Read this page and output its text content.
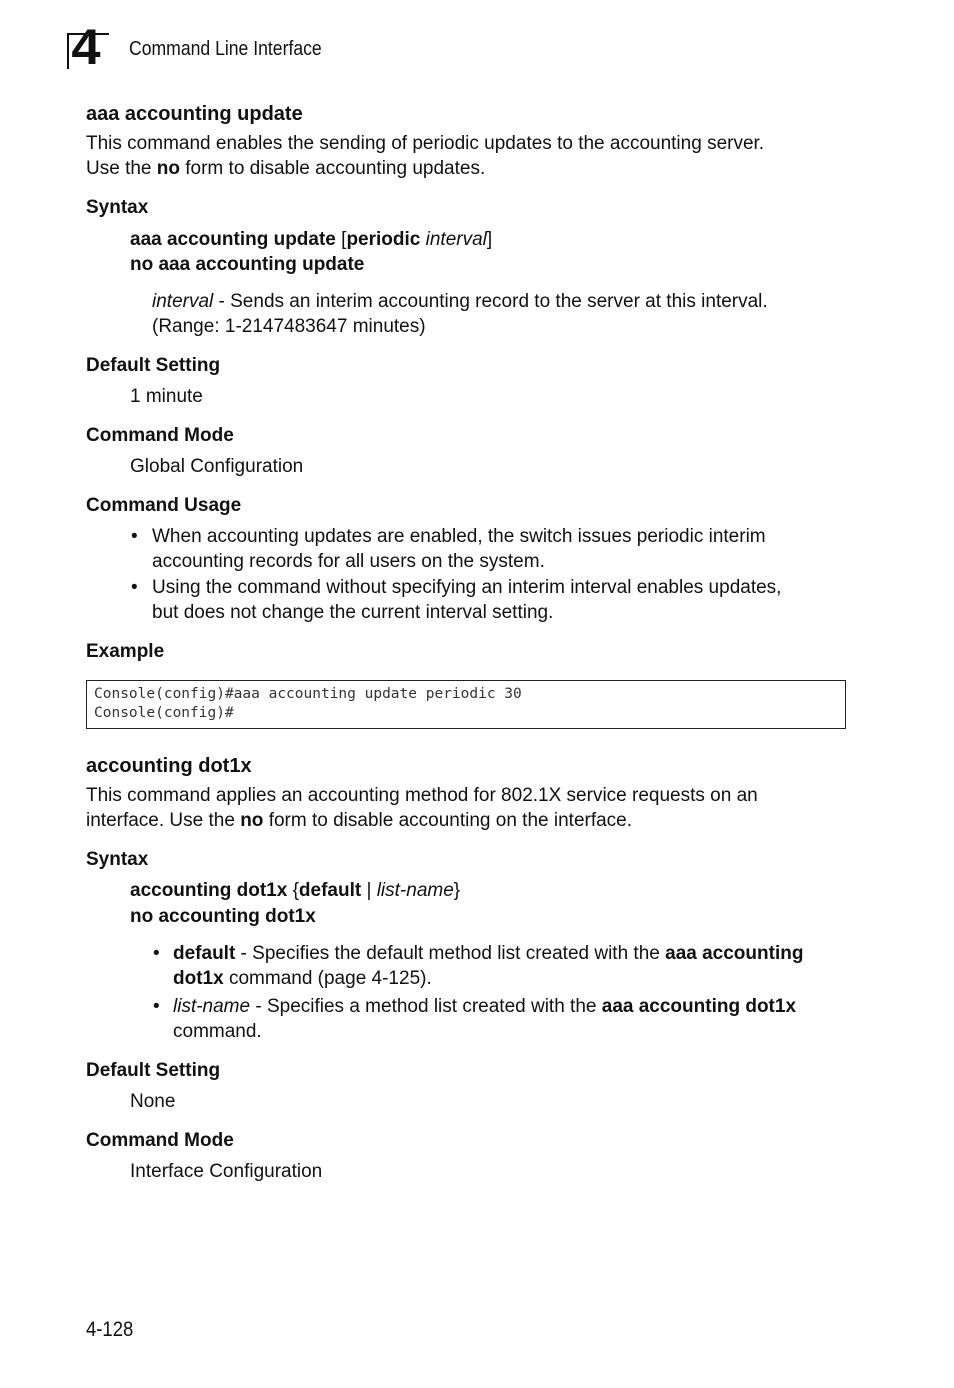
4 Command Line Interface
aaa accounting update
This command enables the sending of periodic updates to the accounting server.
Use the no form to disable accounting updates.
Syntax
aaa accounting update [periodic interval]
no aaa accounting update
interval - Sends an interim accounting record to the server at this interval.
(Range: 1-2147483647 minutes)
Default Setting
1 minute
Command Mode
Global Configuration
Command Usage
• When accounting updates are enabled, the switch issues periodic interim
accounting records for all users on the system.
• Using the command without specifying an interim interval enables updates,
but does not change the current interval setting.
Example
Console(config)#aaa accounting update periodic 30
Console(config)#
accounting dot1x
This command applies an accounting method for 802.1X service requests on an
interface. Use the no form to disable accounting on the interface.
Syntax
accounting dot1x {default | list-name}
no accounting dot1x
• default - Specifies the default method list created with the aaa accounting
dot1x command (page 4-125).
• list-name - Specifies a method list created with the aaa accounting dot1x
command.
Default Setting
None
Command Mode
Interface Configuration
4-128
